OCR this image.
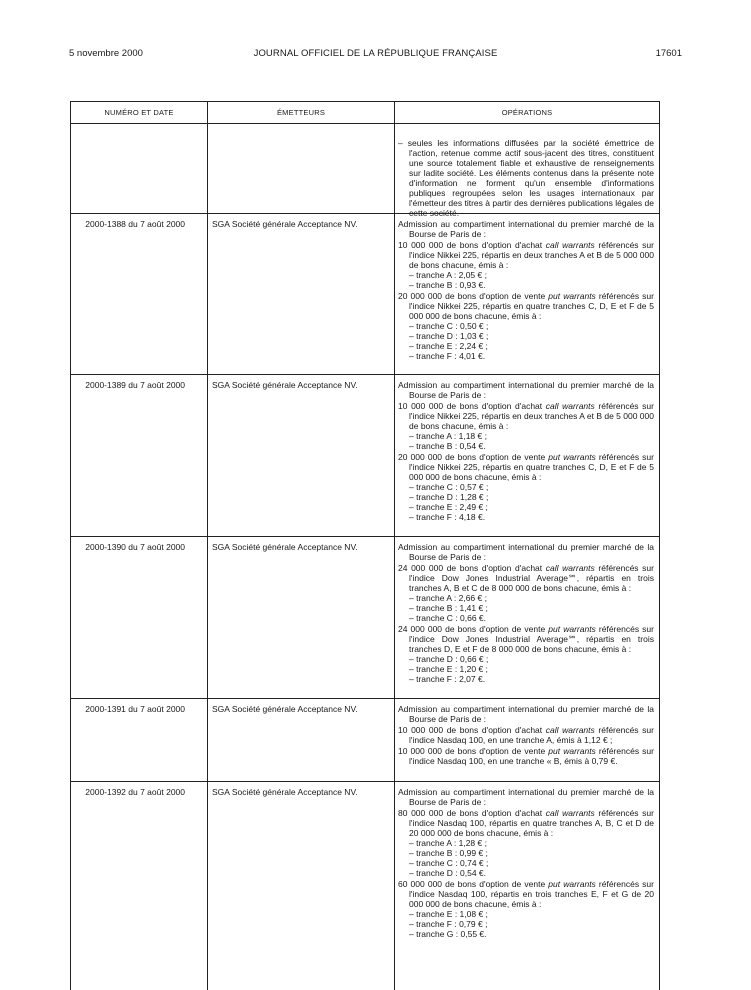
5 novembre 2000	JOURNAL OFFICIEL DE LA RÉPUBLIQUE FRANÇAISE	17601
NUMÉRO ET DATE	ÉMETTEURS	OPÉRATIONS

– seules les informations diffusées par la société émettrice de l'action, retenue comme actif sous-jacent des titres, constituent une source totalement fiable et exhaustive de renseignements sur ladite société. Les éléments contenus dans la présente note d'information ne forment qu'un ensemble d'informations publiques regroupées selon les usages internationaux par l'émetteur des titres à partir des dernières publications légales de cette société.

2000-1388 du 7 août 2000	SGA Société générale Acceptance NV.	Admission au compartiment international du premier marché de la Bourse de Paris de :

10 000 000 de bons d'option d'achat call warrants référencés sur l'indice Nikkei 225, répartis en deux tranches A et B de 5 000 000 de bons chacune, émis à :

– tranche A : 2,05 € ;

– tranche B : 0,93 €.

20 000 000 de bons d'option de vente put warrants référencés sur l'indice Nikkei 225, répartis en quatre tranches C, D, E et F de 5 000 000 de bons chacune, émis à :

– tranche C : 0,50 € ;

– tranche D : 1,03 € ;

– tranche E : 2,24 € ;

– tranche F : 4,01 €.

2000-1389 du 7 août 2000	SGA Société générale Acceptance NV.	Admission au compartiment international du premier marché de la Bourse de Paris de :

10 000 000 de bons d'option d'achat call warrants référencés sur l'indice Nikkei 225, répartis en deux tranches A et B de 5 000 000 de bons chacune, émis à :

– tranche A : 1,18 € ;

– tranche B : 0,54 €.

20 000 000 de bons d'option de vente put warrants référencés sur l'indice Nikkei 225, répartis en quatre tranches C, D, E et F de 5 000 000 de bons chacune, émis à :

– tranche C : 0,57 € ;

– tranche D : 1,28 € ;

– tranche E : 2,49 € ;

– tranche F : 4,18 €.

2000-1390 du 7 août 2000	SGA Société générale Acceptance NV.	Admission au compartiment international du premier marché de la Bourse de Paris de :

24 000 000 de bons d'option d'achat call warrants référencés sur l'indice Dow Jones Industrial Average℠, répartis en trois tranches A, B et C de 8 000 000 de bons chacune, émis à :

– tranche A : 2,66 € ;

– tranche B : 1,41 € ;

– tranche C : 0,66 €.

24 000 000 de bons d'option de vente put warrants référencés sur l'indice Dow Jones Industrial Average℠, répartis en trois tranches D, E et F de 8 000 000 de bons chacune, émis à :

– tranche D : 0,66 € ;

– tranche E : 1,20 € ;

– tranche F : 2,07 €.

2000-1391 du 7 août 2000	SGA Société générale Acceptance NV.	Admission au compartiment international du premier marché de la Bourse de Paris de :

10 000 000 de bons d'option d'achat call warrants référencés sur l'indice Nasdaq 100, en une tranche A, émis à 1,12 € ;

10 000 000 de bons d'option de vente put warrants référencés sur l'indice Nasdaq 100, en une tranche « B, émis à 0,79 €.

2000-1392 du 7 août 2000	SGA Société générale Acceptance NV.	Admission au compartiment international du premier marché de la Bourse de Paris de :

80 000 000 de bons d'option d'achat call warrants référencés sur l'indice Nasdaq 100, répartis en quatre tranches A, B, C et D de 20 000 000 de bons chacune, émis à :

– tranche A : 1,28 € ;

– tranche B : 0,99 € ;

– tranche C : 0,74 € ;

– tranche D : 0,54 €.

60 000 000 de bons d'option de vente put warrants référencés sur l'indice Nasdaq 100, répartis en trois tranches E, F et G de 20 000 000 de bons chacune, émis à :

– tranche E : 1,08 € ;

– tranche F : 0,79 € ;

– tranche G : 0,55 €.
